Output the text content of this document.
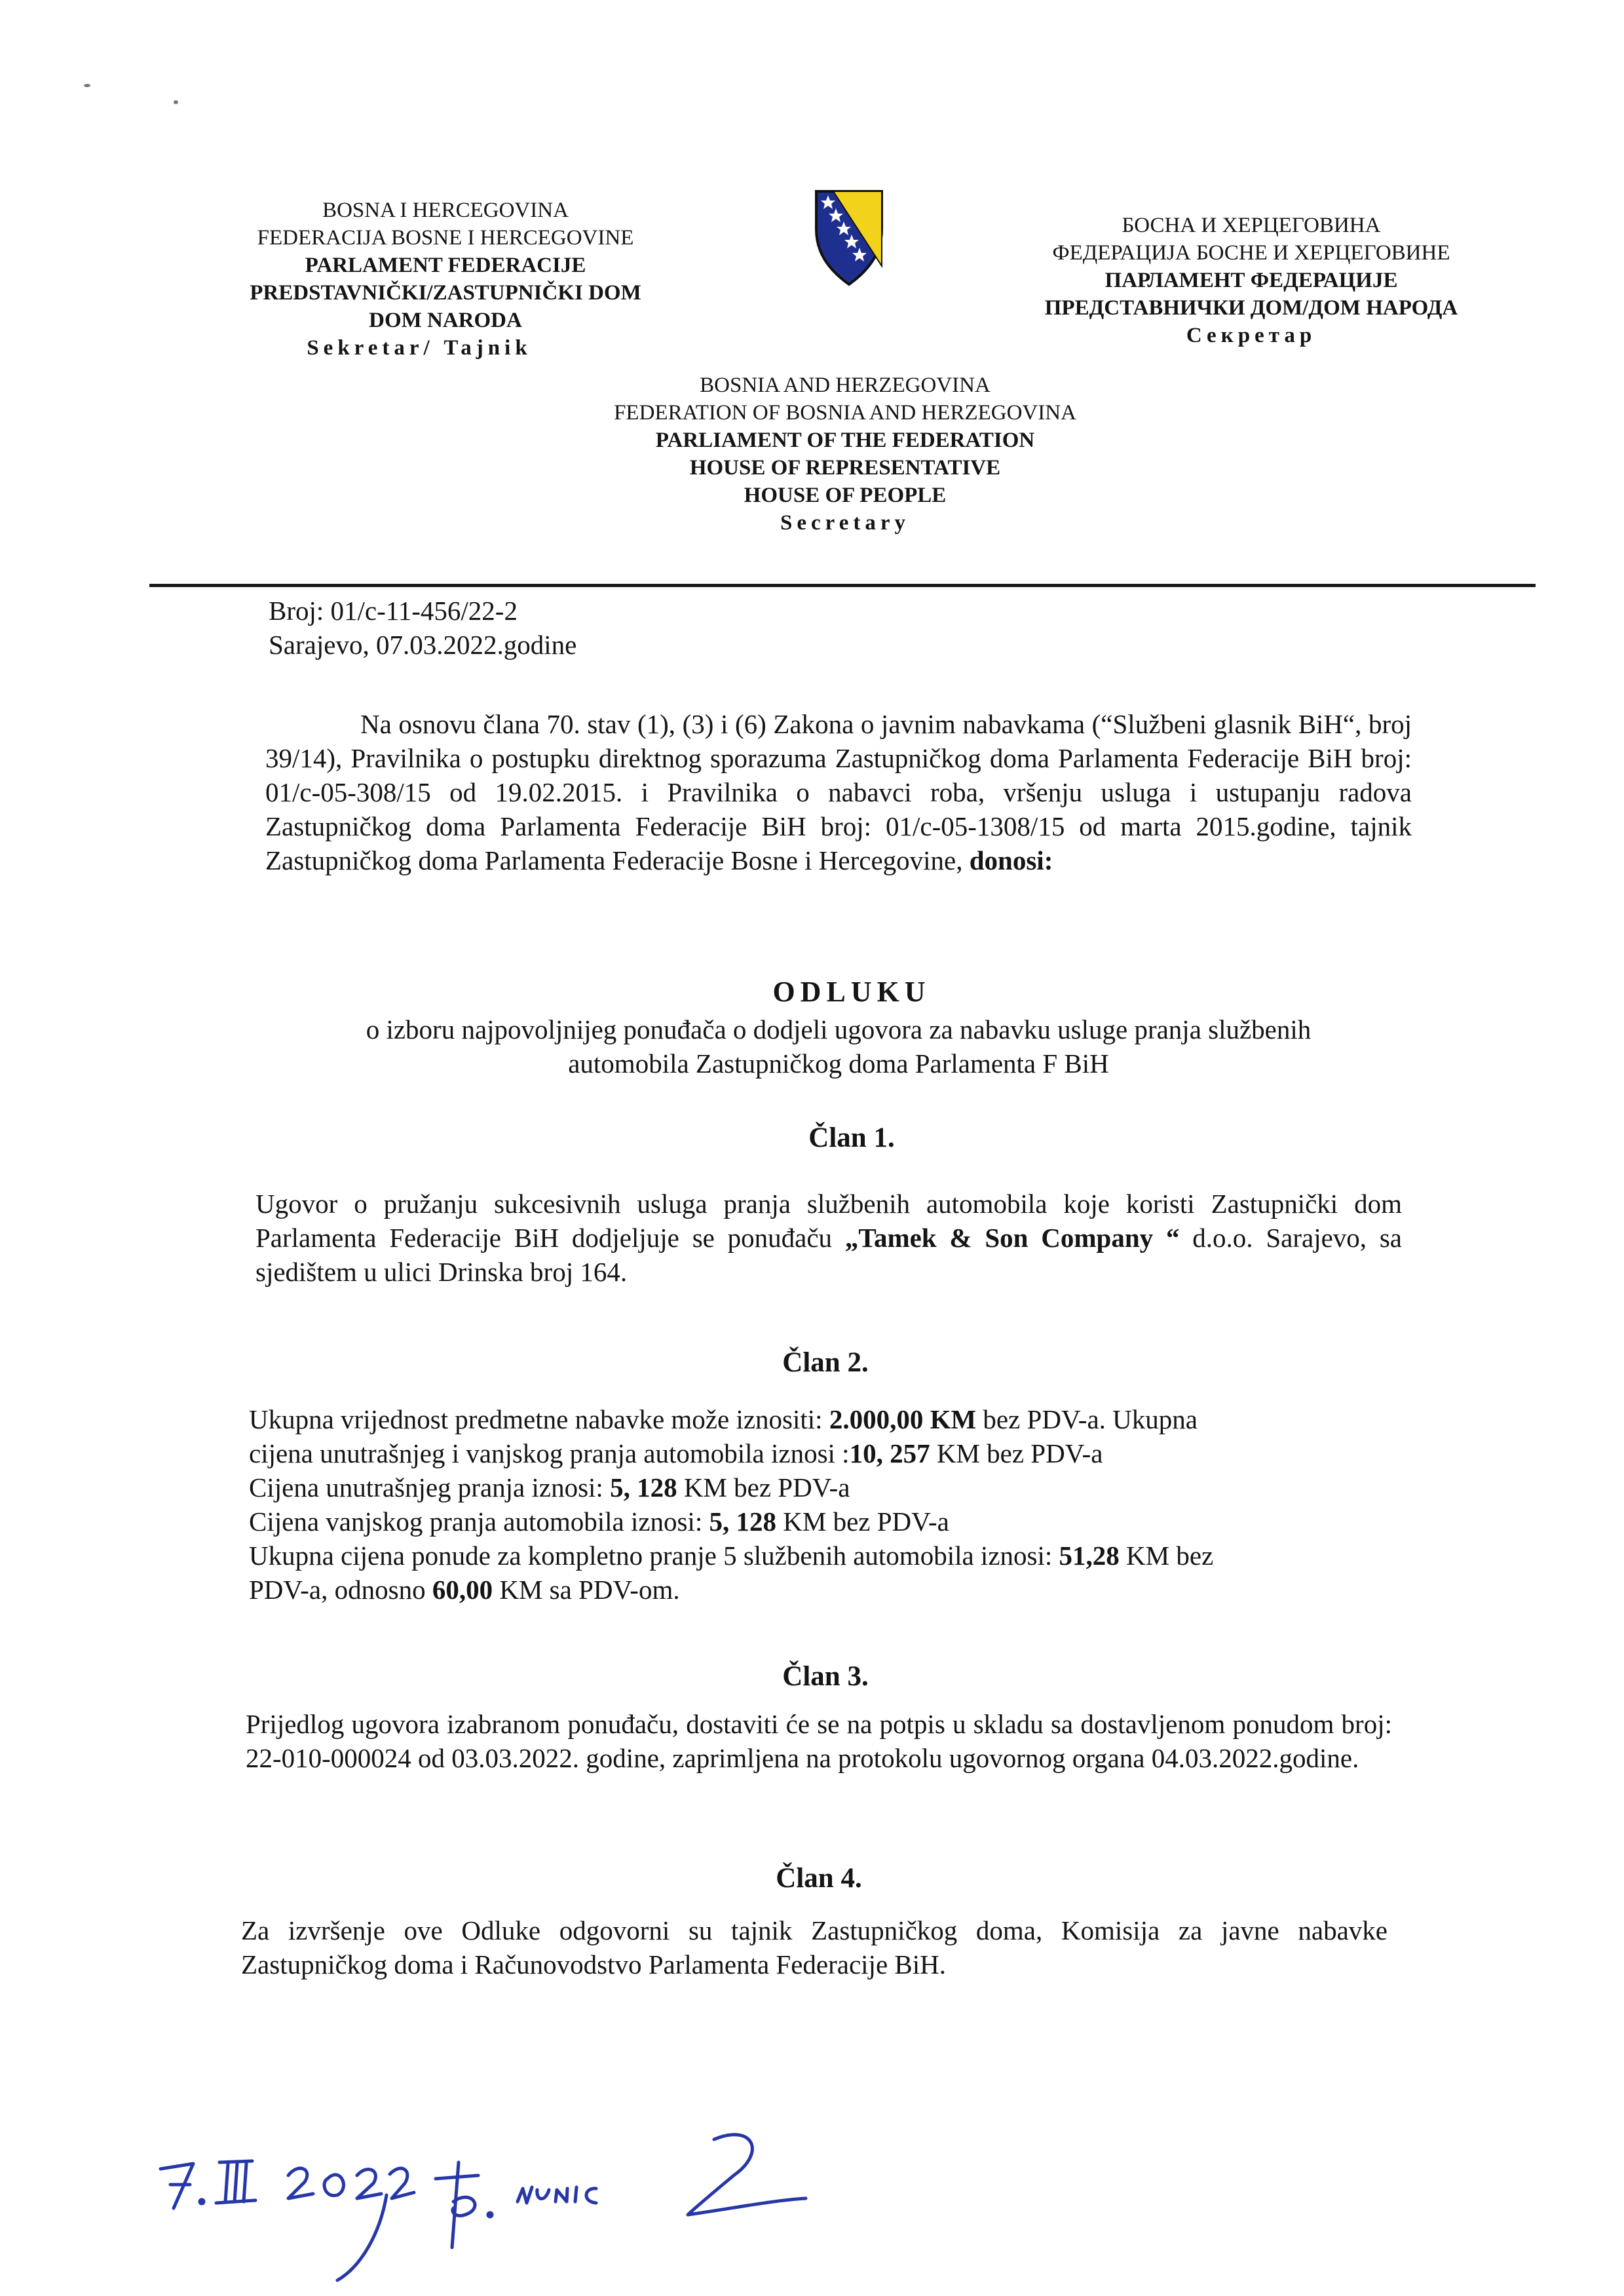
BOSNA I HERCEGOVINA
FEDERACIJA BOSNE I HERCEGOVINE
PARLAMENT FEDERACIJE
PREDSTAVNIČKI/ZASTUPNIČKI DOM
DOM NARODA
Sekretar/ Tajnik
БОСНА И ХЕРЦЕГОВИНА
ФЕДЕРАЦИЈА БОСНЕ И ХЕРЦЕГОВИНЕ
ПАРЛАМЕНТ ФЕДЕРАЦИЈЕ
ПРЕДСТАВНИЧКИ ДОМ/ДОМ НАРОДА
Секретар
BOSNIA AND HERZEGOVINA
FEDERATION OF BOSNIA AND HERZEGOVINA
PARLIAMENT OF THE FEDERATION
HOUSE OF REPRESENTATIVE
HOUSE OF PEOPLE
Secretary
Broj: 01/c-11-456/22-2
Sarajevo, 07.03.2022.godine
Na osnovu člana 70. stav (1), (3) i (6) Zakona o javnim nabavkama (“Službeni glasnik BiH“, broj 39/14), Pravilnika o postupku direktnog sporazuma Zastupničkog doma Parlamenta Federacije BiH broj: 01/c-05-308/15 od 19.02.2015. i Pravilnika o nabavci roba, vršenju usluga i ustupanju radova Zastupničkog doma Parlamenta Federacije BiH broj: 01/c-05-1308/15 od marta 2015.godine, tajnik Zastupničkog doma Parlamenta Federacije Bosne i Hercegovine, donosi:
ODLUKU
o izboru najpovoljnijeg ponuđača o dodjeli ugovora za nabavku usluge pranja službenih
automobila Zastupničkog doma Parlamenta F BiH
Član 1.
Ugovor o pružanju sukcesivnih usluga pranja službenih automobila koje koristi Zastupnički dom Parlamenta Federacije BiH dodjeljuje se ponuđaču „Tamek & Son Company “ d.o.o. Sarajevo, sa sjedištem u ulici Drinska broj 164.
Član 2.
Ukupna vrijednost predmetne nabavke može iznositi: 2.000,00 KM bez PDV-a. Ukupna
cijena unutrašnjeg i vanjskog pranja automobila iznosi :10, 257 KM bez PDV-a
Cijena unutrašnjeg pranja iznosi: 5, 128 KM bez PDV-a
Cijena vanjskog pranja automobila iznosi: 5, 128 KM bez PDV-a
Ukupna cijena ponude za kompletno pranje 5 službenih automobila iznosi: 51,28 KM bez
PDV-a, odnosno 60,00 KM sa PDV-om.
Član 3.
Prijedlog ugovora izabranom ponuđaču, dostaviti će se na potpis u skladu sa dostavljenom ponudom broj: 22-010-000024 od 03.03.2022. godine, zaprimljena na protokolu ugovornog organa 04.03.2022.godine.
Član 4.
Za izvršenje ove Odluke odgovorni su tajnik Zastupničkog doma, Komisija za javne nabavke Zastupničkog doma i Računovodstvo Parlamenta Federacije BiH.
